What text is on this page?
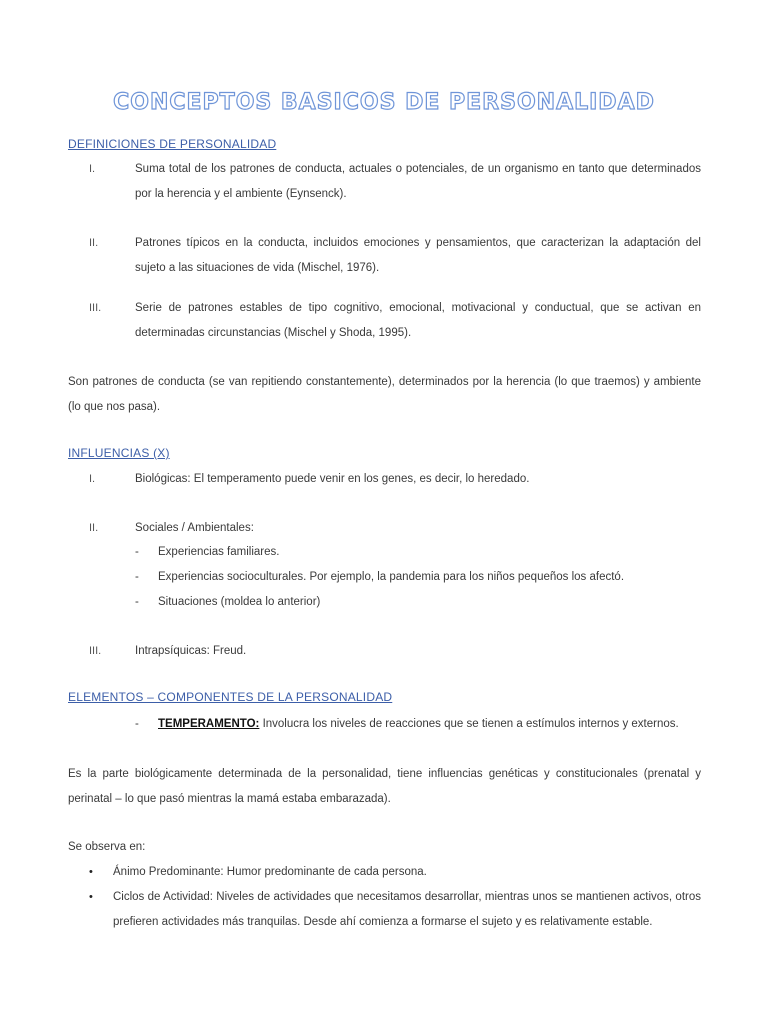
CONCEPTOS BASICOS DE PERSONALIDAD
DEFINICIONES DE PERSONALIDAD
I.	Suma total de los patrones de conducta, actuales o potenciales, de un organismo en tanto que determinados por la herencia y el ambiente (Eynsenck).
II.	Patrones típicos en la conducta, incluidos emociones y pensamientos, que caracterizan la adaptación del sujeto a las situaciones de vida (Mischel, 1976).
III.	Serie de patrones estables de tipo cognitivo, emocional, motivacional y conductual, que se activan en determinadas circunstancias (Mischel y Shoda, 1995).
Son patrones de conducta (se van repitiendo constantemente), determinados por la herencia (lo que traemos) y ambiente (lo que nos pasa).
INFLUENCIAS (X)
I.	Biológicas: El temperamento puede venir en los genes, es decir, lo heredado.
II.	Sociales / Ambientales:
- Experiencias familiares.
- Experiencias socioculturales. Por ejemplo, la pandemia para los niños pequeños los afectó.
- Situaciones (moldea lo anterior)
III.	Intrapsíquicas: Freud.
ELEMENTOS – COMPONENTES DE LA PERSONALIDAD
- TEMPERAMENTO: Involucra los niveles de reacciones que se tienen a estímulos internos y externos.
Es la parte biológicamente determinada de la personalidad, tiene influencias genéticas y constitucionales (prenatal y perinatal – lo que pasó mientras la mamá estaba embarazada).
Se observa en:
• Ánimo Predominante: Humor predominante de cada persona.
• Ciclos de Actividad: Niveles de actividades que necesitamos desarrollar, mientras unos se mantienen activos, otros prefieren actividades más tranquilas. Desde ahí comienza a formarse el sujeto y es relativamente estable.
